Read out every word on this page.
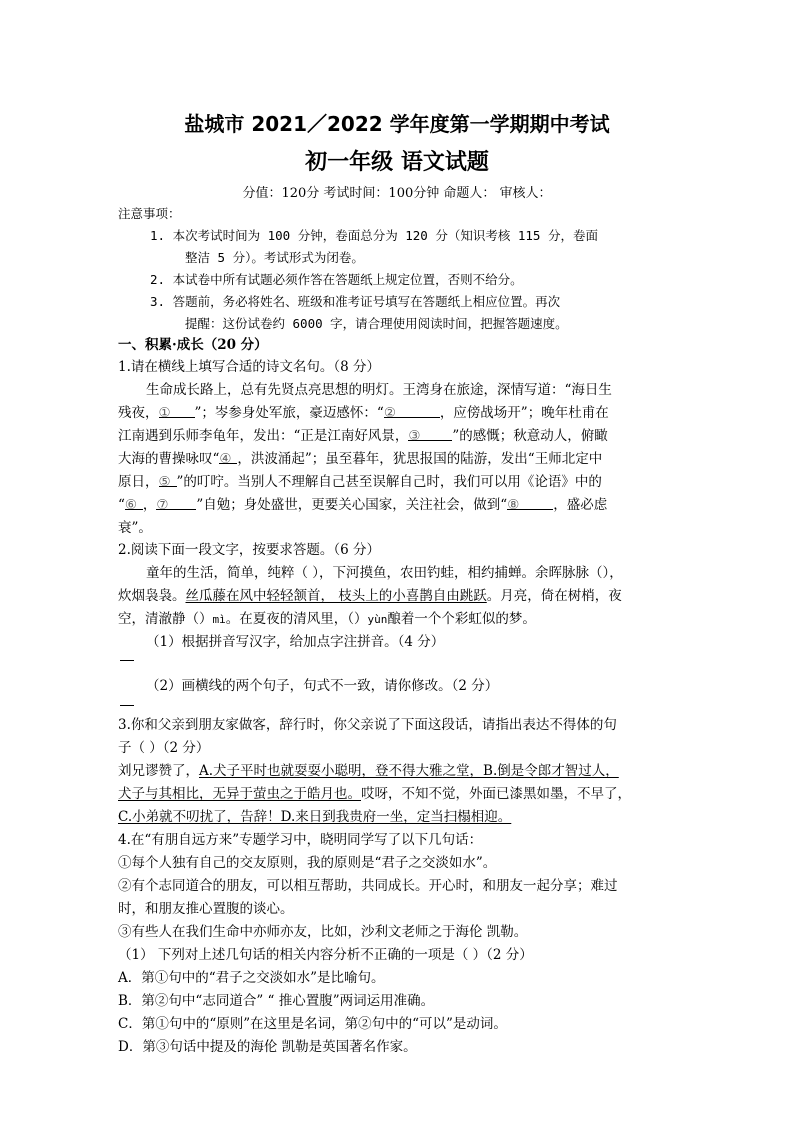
盐城市 2021／2022 学年度第一学期期中考试
初一年级 语文试题
分值：120分 考试时间：100分钟 命题人： 审核人：
注意事项：
1. 本次考试时间为 100 分钟，卷面总分为 120 分（知识考核 115 分，卷面
整洁 5 分）。考试形式为闭卷。
2. 本试卷中所有试题必须作答在答题纸上规定位置，否则不给分。
3. 答题前，务必将姓名、班级和准考证号填写在答题纸上相应位置。再次
提醒：这份试卷约 6000 字，请合理使用阅读时间，把握答题速度。
一、积累·成长（20 分）
1.请在横线上填写合适的诗文名句。（8 分）
生命成长路上，总有先贤点亮思想的明灯。王湾身在旅途，深情写道：“海日生
残夜，① ”；岑参身处军旅，豪迈感怀：“②	，应傍战场开”；晚年杜甫在
江南遇到乐师李龟年，发出：“正是江南好风景，③ ”的感慨；秋意动人，俯瞰
大海的曹操咏叹“④ ，洪波涌起”；虽至暮年，犹思报国的陆游，发出“王师北定中
原日，⑤ ”的叮咛。当别人不理解自己甚至误解自己时，我们可以用《论语》中的
“⑥ ，⑦ ”自勉；身处盛世，更要关心国家，关注社会，做到“⑧	，盛必虑
衰”。
2.阅读下面一段文字，按要求答题。（6 分）
童年的生活，简单，纯粹（ ），下河摸鱼，农田钓蛙，相约捕蝉。余晖脉脉（），
炊烟袅袅。丝瓜藤在风中轻轻颔首， 枝头上的小喜鹊自由跳跃。月亮，倚在树梢，夜
空，清澈静（）mì。在夏夜的清风里，（）yùn酿着一个个彩虹似的梦。
（1）根据拼音写汉字，给加点字注拼音。（4 分）
（2）画横线的两个句子，句式不一致，请你修改。（2 分）
3.你和父亲到朋友家做客，辞行时，你父亲说了下面这段话，请指出表达不得体的句
子（ ）（2 分）
刘兄谬赞了，A.犬子平时也就耍耍小聪明，登不得大雅之堂，B.倒是令郎才智过人，
犬子与其相比，无异于萤虫之于皓月也。哎呀，不知不觉，外面已漆黑如墨，不早了，
C.小弟就不叨扰了，告辞！D.来日到我贵府一坐，定当扫榻相迎。
4.在“有朋自远方来”专题学习中，晓明同学写了以下几句话：
①每个人独有自己的交友原则，我的原则是“君子之交淡如水”。
②有个志同道合的朋友，可以相互帮助，共同成长。开心时，和朋友一起分享；难过
时，和朋友推心置腹的谈心。
③有些人在我们生命中亦师亦友，比如，沙利文老师之于海伦 凯勒。
（1） 下列对上述几句话的相关内容分析不正确的一项是（ ）（2 分）
A．第①句中的“君子之交淡如水”是比喻句。
B．第②句中“志同道合” “ 推心置腹”两词运用准确。
C．第①句中的“原则”在这里是名词，第②句中的“可以”是动词。
D．第③句话中提及的海伦 凯勒是英国著名作家。
